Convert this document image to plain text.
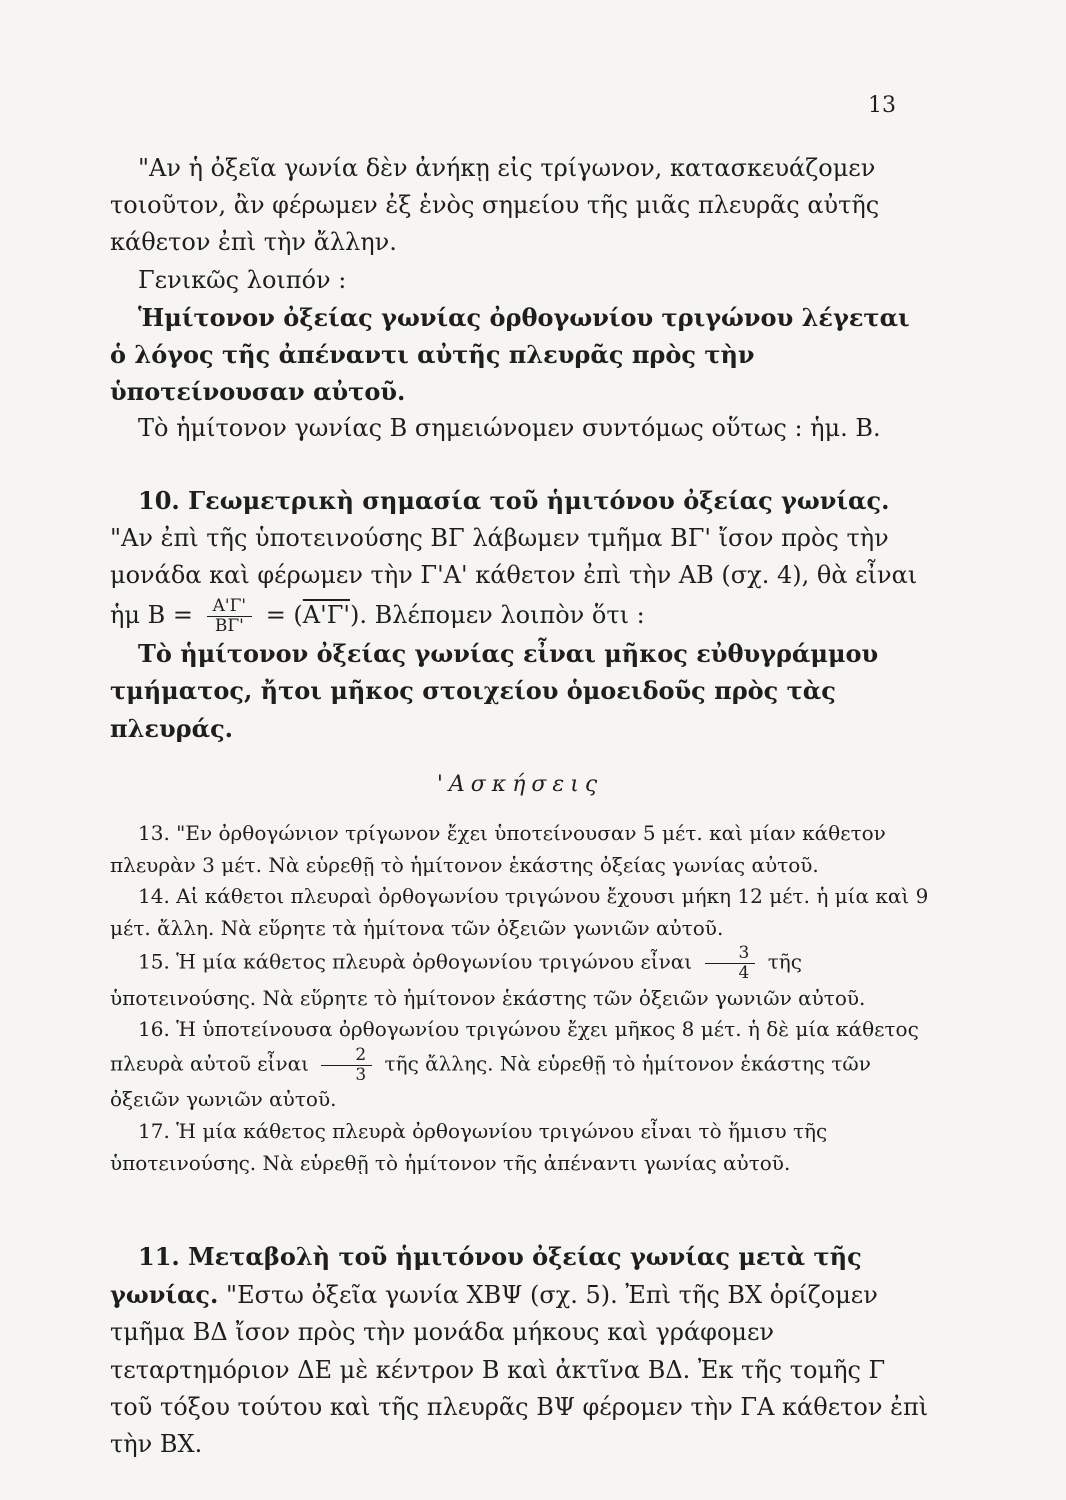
13

"Αν ἡ ὀξεῖα γωνία δὲν ἀνήκῃ εἰς τρίγωνον, κατασκευάζομεν τοιοῦτον, ἂν φέρωμεν ἐξ ἑνὸς σημείου τῆς μιᾶς πλευρᾶς αὐτῆς κάθετον ἐπὶ τὴν ἄλλην.

Γενικῶς λοιπόν :

Ἡμίτονον ὀξείας γωνίας ὀρθογωνίου τριγώνου λέγεται ὁ λόγος τῆς ἀπέναντι αὐτῆς πλευρᾶς πρὸς τὴν ὑποτείνουσαν αὐτοῦ.

Τὸ ἡμίτονον γωνίας Β σημειώνομεν συντόμως οὕτως : ἡμ. Β.

10. Γεωμετρικὴ σημασία τοῦ ἡμιτόνου ὀξείας γωνίας. "Αν ἐπὶ τῆς ὑποτεινούσης ΒΓ λάβωμεν τμῆμα ΒΓ' ἴσον πρὸς τὴν μονάδα καὶ φέρωμεν τὴν Γ'Α' κάθετον ἐπὶ τὴν ΑΒ (σχ. 4), θὰ εἶναι

ἡμ $B = \frac{A'\Gamma'}{B\Gamma'} = (A'\Gamma')$. Βλέπομεν λοιπὸν ὅτι :

Τὸ ἡμίτονον ὀξείας γωνίας εἶναι μῆκος εὐθυγράμμου τμήματος, ἤτοι μῆκος στοιχείου ὁμοειδοῦς πρὸς τὰς πλευράς.

'Ασκήσεις

13. "Εν ὀρθογώνιον τρίγωνον ἔχει ὑποτείνουσαν 5 μέτ. καὶ μίαν κάθετον πλευρὰν 3 μέτ. Νὰ εὑρεθῇ τὸ ἡμίτονον ἑκάστης ὀξείας γωνίας αὐτοῦ.

14. Αἱ κάθετοι πλευραὶ ὀρθογωνίου τριγώνου ἔχουσι μήκη 12 μέτ. ἡ μία καὶ 9 μέτ. ἄλλη. Νὰ εὕρητε τὰ ἡμίτονα τῶν ὀξειῶν γωνιῶν αὐτοῦ.

15. Ἡ μία κάθετος πλευρὰ ὀρθογωνίου τριγώνου εἶναι $\frac{3}{4}$ τῆς ὑποτεινούσης. Νὰ εὕρητε τὸ ἡμίτονον ἑκάστης τῶν ὀξειῶν γωνιῶν αὐτοῦ.

16. Ἡ ὑποτείνουσα ὀρθογωνίου τριγώνου ἔχει μῆκος 8 μέτ. ἡ δὲ μία κάθετος πλευρὰ αὐτοῦ εἶναι $\frac{2}{3}$ τῆς ἄλλης. Νὰ εὑρεθῇ τὸ ἡμίτονον ἑκάστης τῶν ὀξειῶν γωνιῶν αὐτοῦ.

17. Ἡ μία κάθετος πλευρὰ ὀρθογωνίου τριγώνου εἶναι τὸ ἥμισυ τῆς ὑποτεινούσης. Νὰ εὑρεθῇ τὸ ἡμίτονον τῆς ἀπέναντι γωνίας αὐτοῦ.

11. Μεταβολὴ τοῦ ἡμιτόνου ὀξείας γωνίας μετὰ τῆς γωνίας. "Εστω ὀξεῖα γωνία ΧΒΨ (σχ. 5). Ἐπὶ τῆς ΒΧ ὁρίζομεν τμῆμα ΒΔ ἴσον πρὸς τὴν μονάδα μήκους καὶ γράφομεν τεταρτημόριον ΔΕ μὲ κέντρον Β καὶ ἀκτῖνα ΒΔ. Ἐκ τῆς τομῆς Γ τοῦ τόξου τούτου καὶ τῆς πλευρᾶς ΒΨ φέρομεν τὴν ΓΑ κάθετον ἐπὶ τὴν ΒΧ.
